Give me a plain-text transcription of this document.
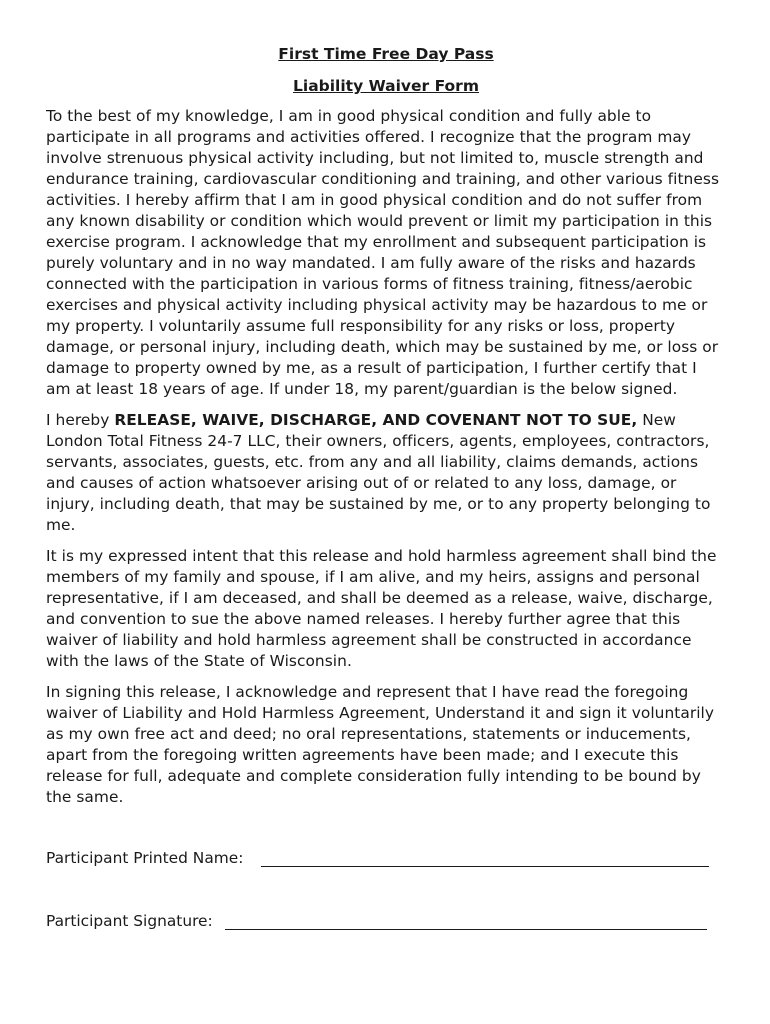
First Time Free Day Pass

Liability Waiver Form

To the best of my knowledge, I am in good physical condition and fully able to participate in all programs and activities offered. I recognize that the program may involve strenuous physical activity including, but not limited to, muscle strength and endurance training, cardiovascular conditioning and training, and other various fitness activities. I hereby affirm that I am in good physical condition and do not suffer from any known disability or condition which would prevent or limit my participation in this exercise program. I acknowledge that my enrollment and subsequent participation is purely voluntary and in no way mandated. I am fully aware of the risks and hazards connected with the participation in various forms of fitness training, fitness/aerobic exercises and physical activity including physical activity may be hazardous to me or my property. I voluntarily assume full responsibility for any risks or loss, property damage, or personal injury, including death, which may be sustained by me, or loss or damage to property owned by me, as a result of participation, I further certify that I am at least 18 years of age. If under 18, my parent/guardian is the below signed.

I hereby RELEASE, WAIVE, DISCHARGE, AND COVENANT NOT TO SUE, New London Total Fitness 24-7 LLC, their owners, officers, agents, employees, contractors, servants, associates, guests, etc. from any and all liability, claims demands, actions and causes of action whatsoever arising out of or related to any loss, damage, or injury, including death, that may be sustained by me, or to any property belonging to me.

It is my expressed intent that this release and hold harmless agreement shall bind the members of my family and spouse, if I am alive, and my heirs, assigns and personal representative, if I am deceased, and shall be deemed as a release, waive, discharge, and convention to sue the above named releases. I hereby further agree that this waiver of liability and hold harmless agreement shall be constructed in accordance with the laws of the State of Wisconsin.

In signing this release, I acknowledge and represent that I have read the foregoing waiver of Liability and Hold Harmless Agreement, Understand it and sign it voluntarily as my own free act and deed; no oral representations, statements or inducements, apart from the foregoing written agreements have been made; and I execute this release for full, adequate and complete consideration fully intending to be bound by the same.

Participant Printed Name:
Participant Signature:
